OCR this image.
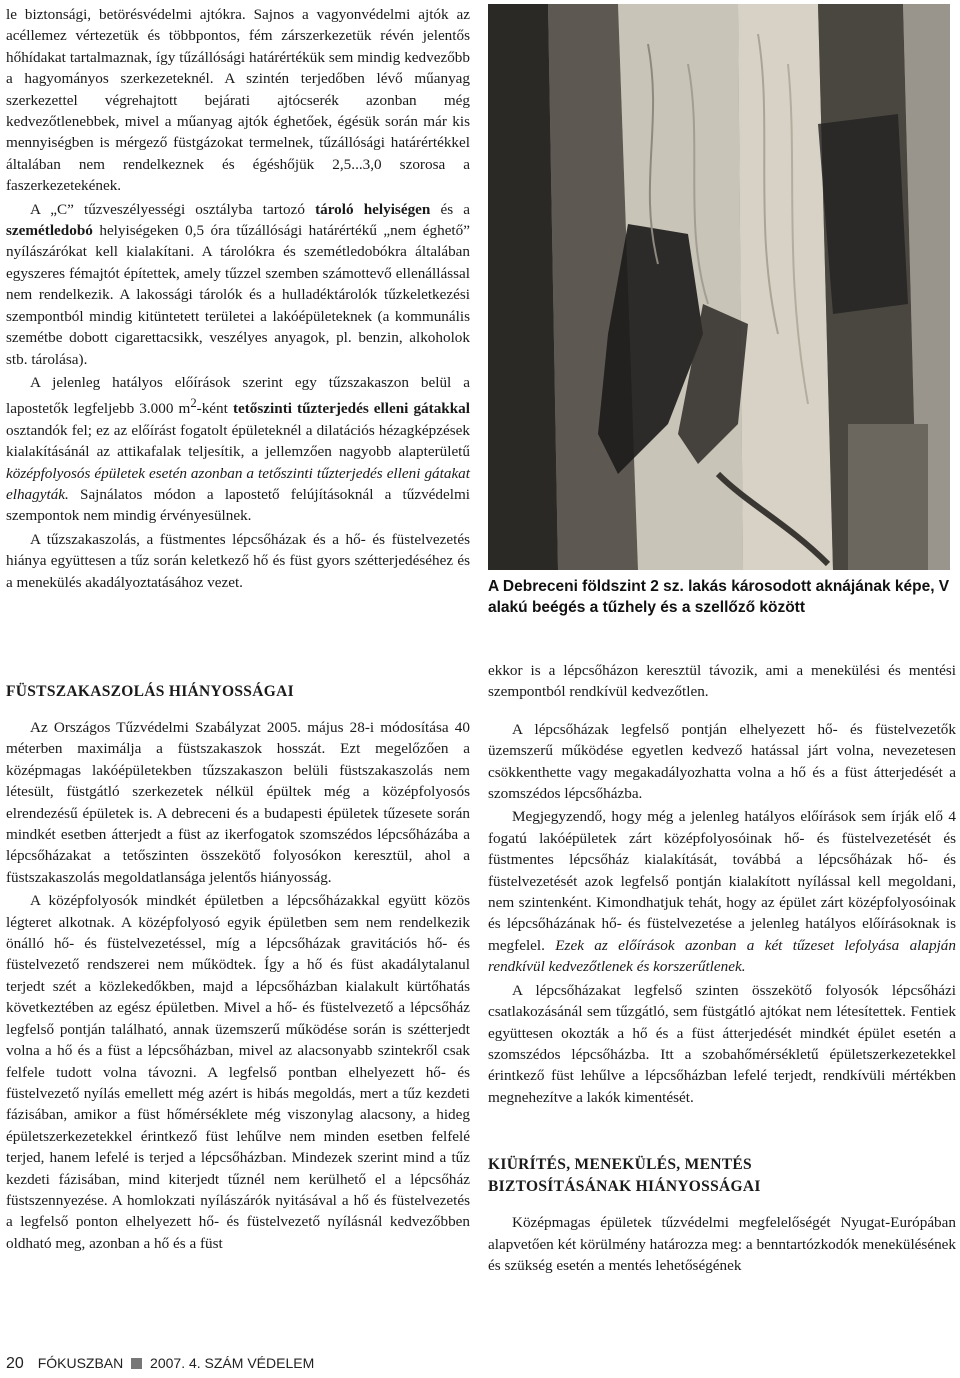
le biztonsági, betörésvédelmi ajtókra. Sajnos a vagyonvédelmi ajtók az acéllemez vértezetük és többpontos, fém zárszerkezetük révén jelentős hőhídakat tartalmaznak, így tűzállósági határértékük sem mindig kedvezőbb a hagyományos szerkezeteknél. A szintén terjedőben lévő műanyag szerkezettel végrehajtott bejárati ajtócserék azonban még kedvezőtlenebbek, mivel a műanyag ajtók éghetőek, égésük során már kis mennyiségben is mérgező füstgázokat termelnek, tűzállósági határértékkel általában nem rendelkeznek és égéshőjük 2,5...3,0 szorosa a faszerkezetekének.

A „C” tűzveszélyességi osztályba tartozó tároló helyiségen és a szemétledobó helyiségeken 0,5 óra tűzállósági határértékű „nem éghető” nyílászárókat kell kialakítani. A tárolókra és szemétledobókra általában egyszeres fémajtót építettek, amely tűzzel szemben számottevő ellenállással nem rendelkezik. A lakossági tárolók és a hulladéktárolók tűzkeletkezési szempontból mindig kitüntetett területei a lakóépületeknek (a kommunális szemétbe dobott cigarettacsikk, veszélyes anyagok, pl. benzin, alkoholok stb. tárolása).

A jelenleg hatályos előírások szerint egy tűzszakaszon belül a lapostetők legfeljebb 3.000 $m^2$-ként tetőszinti tűzterjedés elleni gátakkal osztandók fel; ez az előírást fogatolt épületeknél a dilatációs hézagképzések kialakításánál az attikafalak teljesítik, a jellemzően nagyobb alapterületű középfolyosós épületek esetén azonban a tetőszinti tűzterjedés elleni gátakat elhagyták. Sajnálatos módon a lapostető felújításoknál a tűzvédelmi szempontok nem mindig érvényesülnek.

A tűzszakaszolás, a füstmentes lépcsőházak és a hő- és füstelvezetés hiánya együttesen a tűz során keletkező hő és füst gyors szétterjedéséhez és a menekülés akadályoztatásához vezet.

FÜSTSZAKASZOLÁS HIÁNYOSSÁGAI

Az Országos Tűzvédelmi Szabályzat 2005. május 28-i módosítása 40 méterben maximálja a füstszakaszok hosszát. Ezt megelőzően a középmagas lakóépületekben tűzszakaszon belüli füstszakaszolás nem létesült, füstgátló szerkezetek nélkül épültek még a középfolyosós elrendezésű épületek is. A debreceni és a budapesti épületek tűzesete során mindkét esetben átterjedt a füst az ikerfogatok szomszédos lépcsőházába a lépcsőházakat a tetőszinten összekötő folyosókon keresztül, ahol a füstszakaszolás megoldatlansága jelentős hiányosság.

A középfolyosók mindkét épületben a lépcsőházakkal együtt közös légteret alkotnak. A középfolyosó egyik épületben sem nem rendelkezik önálló hő- és füstelvezetéssel, míg a lépcsőházak gravitációs hő- és füstelvezető rendszerei nem működtek. Így a hő és füst akadálytalanul terjedt szét a közlekedőkben, majd a lépcsőházban kialakult kürtőhatás következtében az egész épületben. Mivel a hő- és füstelvezető a lépcsőház legfelső pontján található, annak üzemszerű működése során is szétterjedt volna a hő és a füst a lépcsőházban, mivel az alacsonyabb szintekről csak felfele tudott volna távozni. A legfelső pontban elhelyezett hő- és füstelvezető nyílás emellett még azért is hibás megoldás, mert a tűz kezdeti fázisában, amikor a füst hőmérséklete még viszonylag alacsony, a hideg épületszerkezetekkel érintkező füst lehűlve nem minden esetben felfelé terjed, hanem lefelé is terjed a lépcsőházban. Mindezek szerint mind a tűz kezdeti fázisában, mind kiterjedt tűznél nem kerülhető el a lépcsőház füstszennyezése. A homlokzati nyílászárók nyitásával a hő és füstelvezetés a legfelső ponton elhelyezett hő- és füstelvezető nyílásnál kedvezőbben oldható meg, azonban a hő és a füst

A Debreceni földszint 2 sz. lakás károsodott aknájának képe, V alakú beégés a tűzhely és a szellőző között

ekkor is a lépcsőházon keresztül távozik, ami a menekülési és mentési szempontból rendkívül kedvezőtlen.

A lépcsőházak legfelső pontján elhelyezett hő- és füstelvezetők üzemszerű működése egyetlen kedvező hatással járt volna, nevezetesen csökkenthette vagy megakadályozhatta volna a hő és a füst átterjedését a szomszédos lépcsőházba.

Megjegyzendő, hogy még a jelenleg hatályos előírások sem írják elő 4 fogatú lakóépületek zárt középfolyosóinak hő- és füstelvezetését és füstmentes lépcsőház kialakítását, továbbá a lépcsőházak hő- és füstelvezetését azok legfelső pontján kialakított nyílással kell megoldani, nem szintenként. Kimondhatjuk tehát, hogy az épület zárt középfolyosóinak és lépcsőházának hő- és füstelvezetése a jelenleg hatályos előírásoknak is megfelel. Ezek az előírások azonban a két tűzeset lefolyása alapján rendkívül kedvezőtlenek és korszerűtlenek.

A lépcsőházakat legfelső szinten összekötő folyosók lépcsőházi csatlakozásánál sem tűzgátló, sem füstgátló ajtókat nem létesítettek. Fentiek együttesen okozták a hő és a füst átterjedését mindkét épület esetén a szomszédos lépcsőházba. Itt a szobahőmérsékletű épületszerkezetekkel érintkező füst lehűlve a lépcsőházban lefelé terjedt, rendkívüli mértékben megnehezítve a lakók kimentését.

KIÜRÍTÉS, MENEKÜLÉS, MENTÉS
BIZTOSÍTÁSÁNAK HIÁNYOSSÁGAI

Középmagas épületek tűzvédelmi megfelelőségét Nyugat-Európában alapvetően két körülmény határozza meg: a benntartózkodók menekülésének és szükség esetén a mentés lehetőségének

20 FÓKUSZBAN 2007. 4. SZÁM VÉDELEM
